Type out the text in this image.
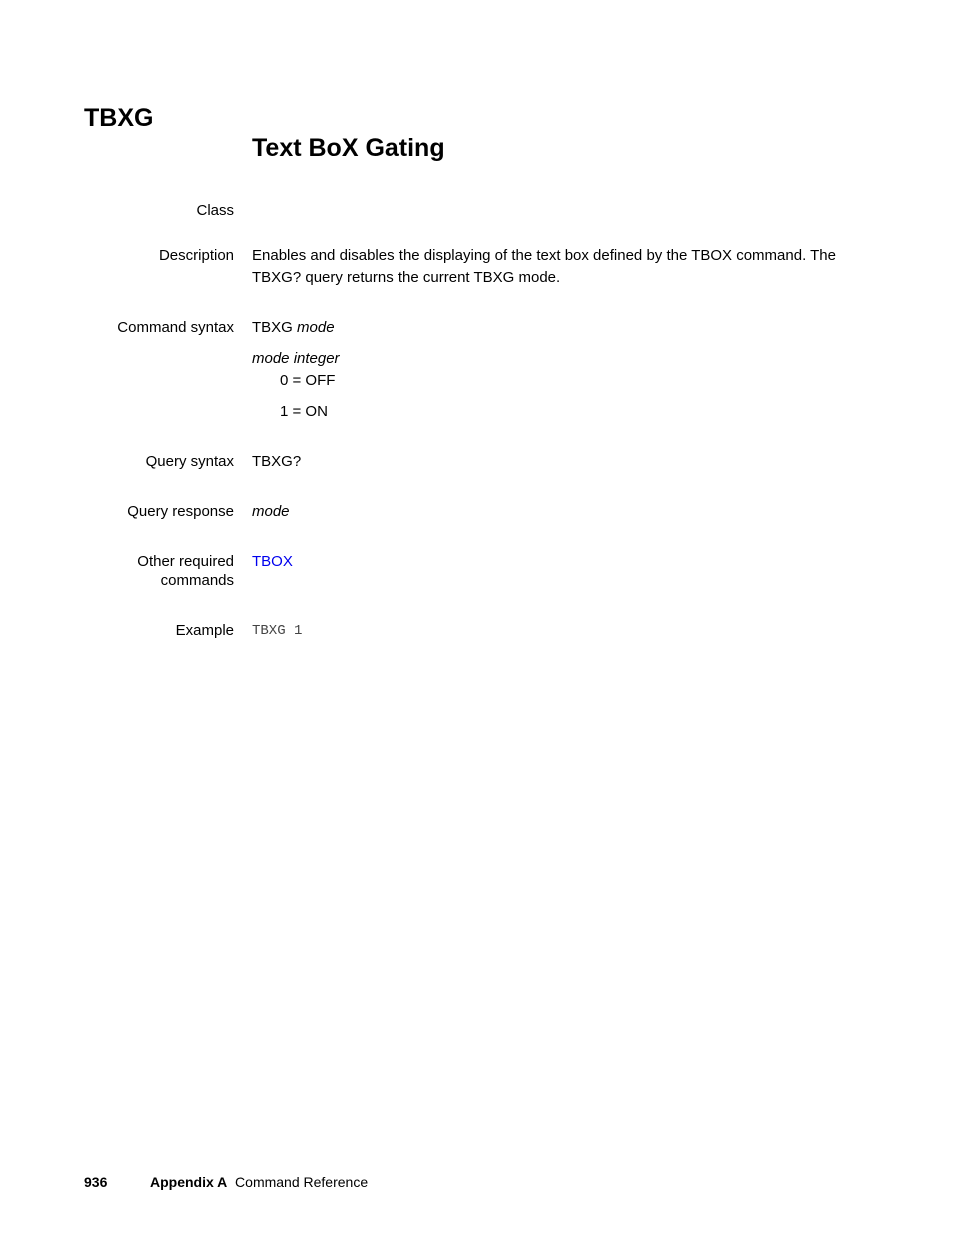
TBXG
Text BoX Gating
Class
Description Enables and disables the displaying of the text box defined by the TBOX command. The TBXG? query returns the current TBXG mode.
Command syntax TBXG mode
mode integer
0 = OFF
1 = ON
Query syntax TBXG?
Query response mode
Other required
commands
TBOX
Example TBXG 1
936	Appendix A Command Reference
